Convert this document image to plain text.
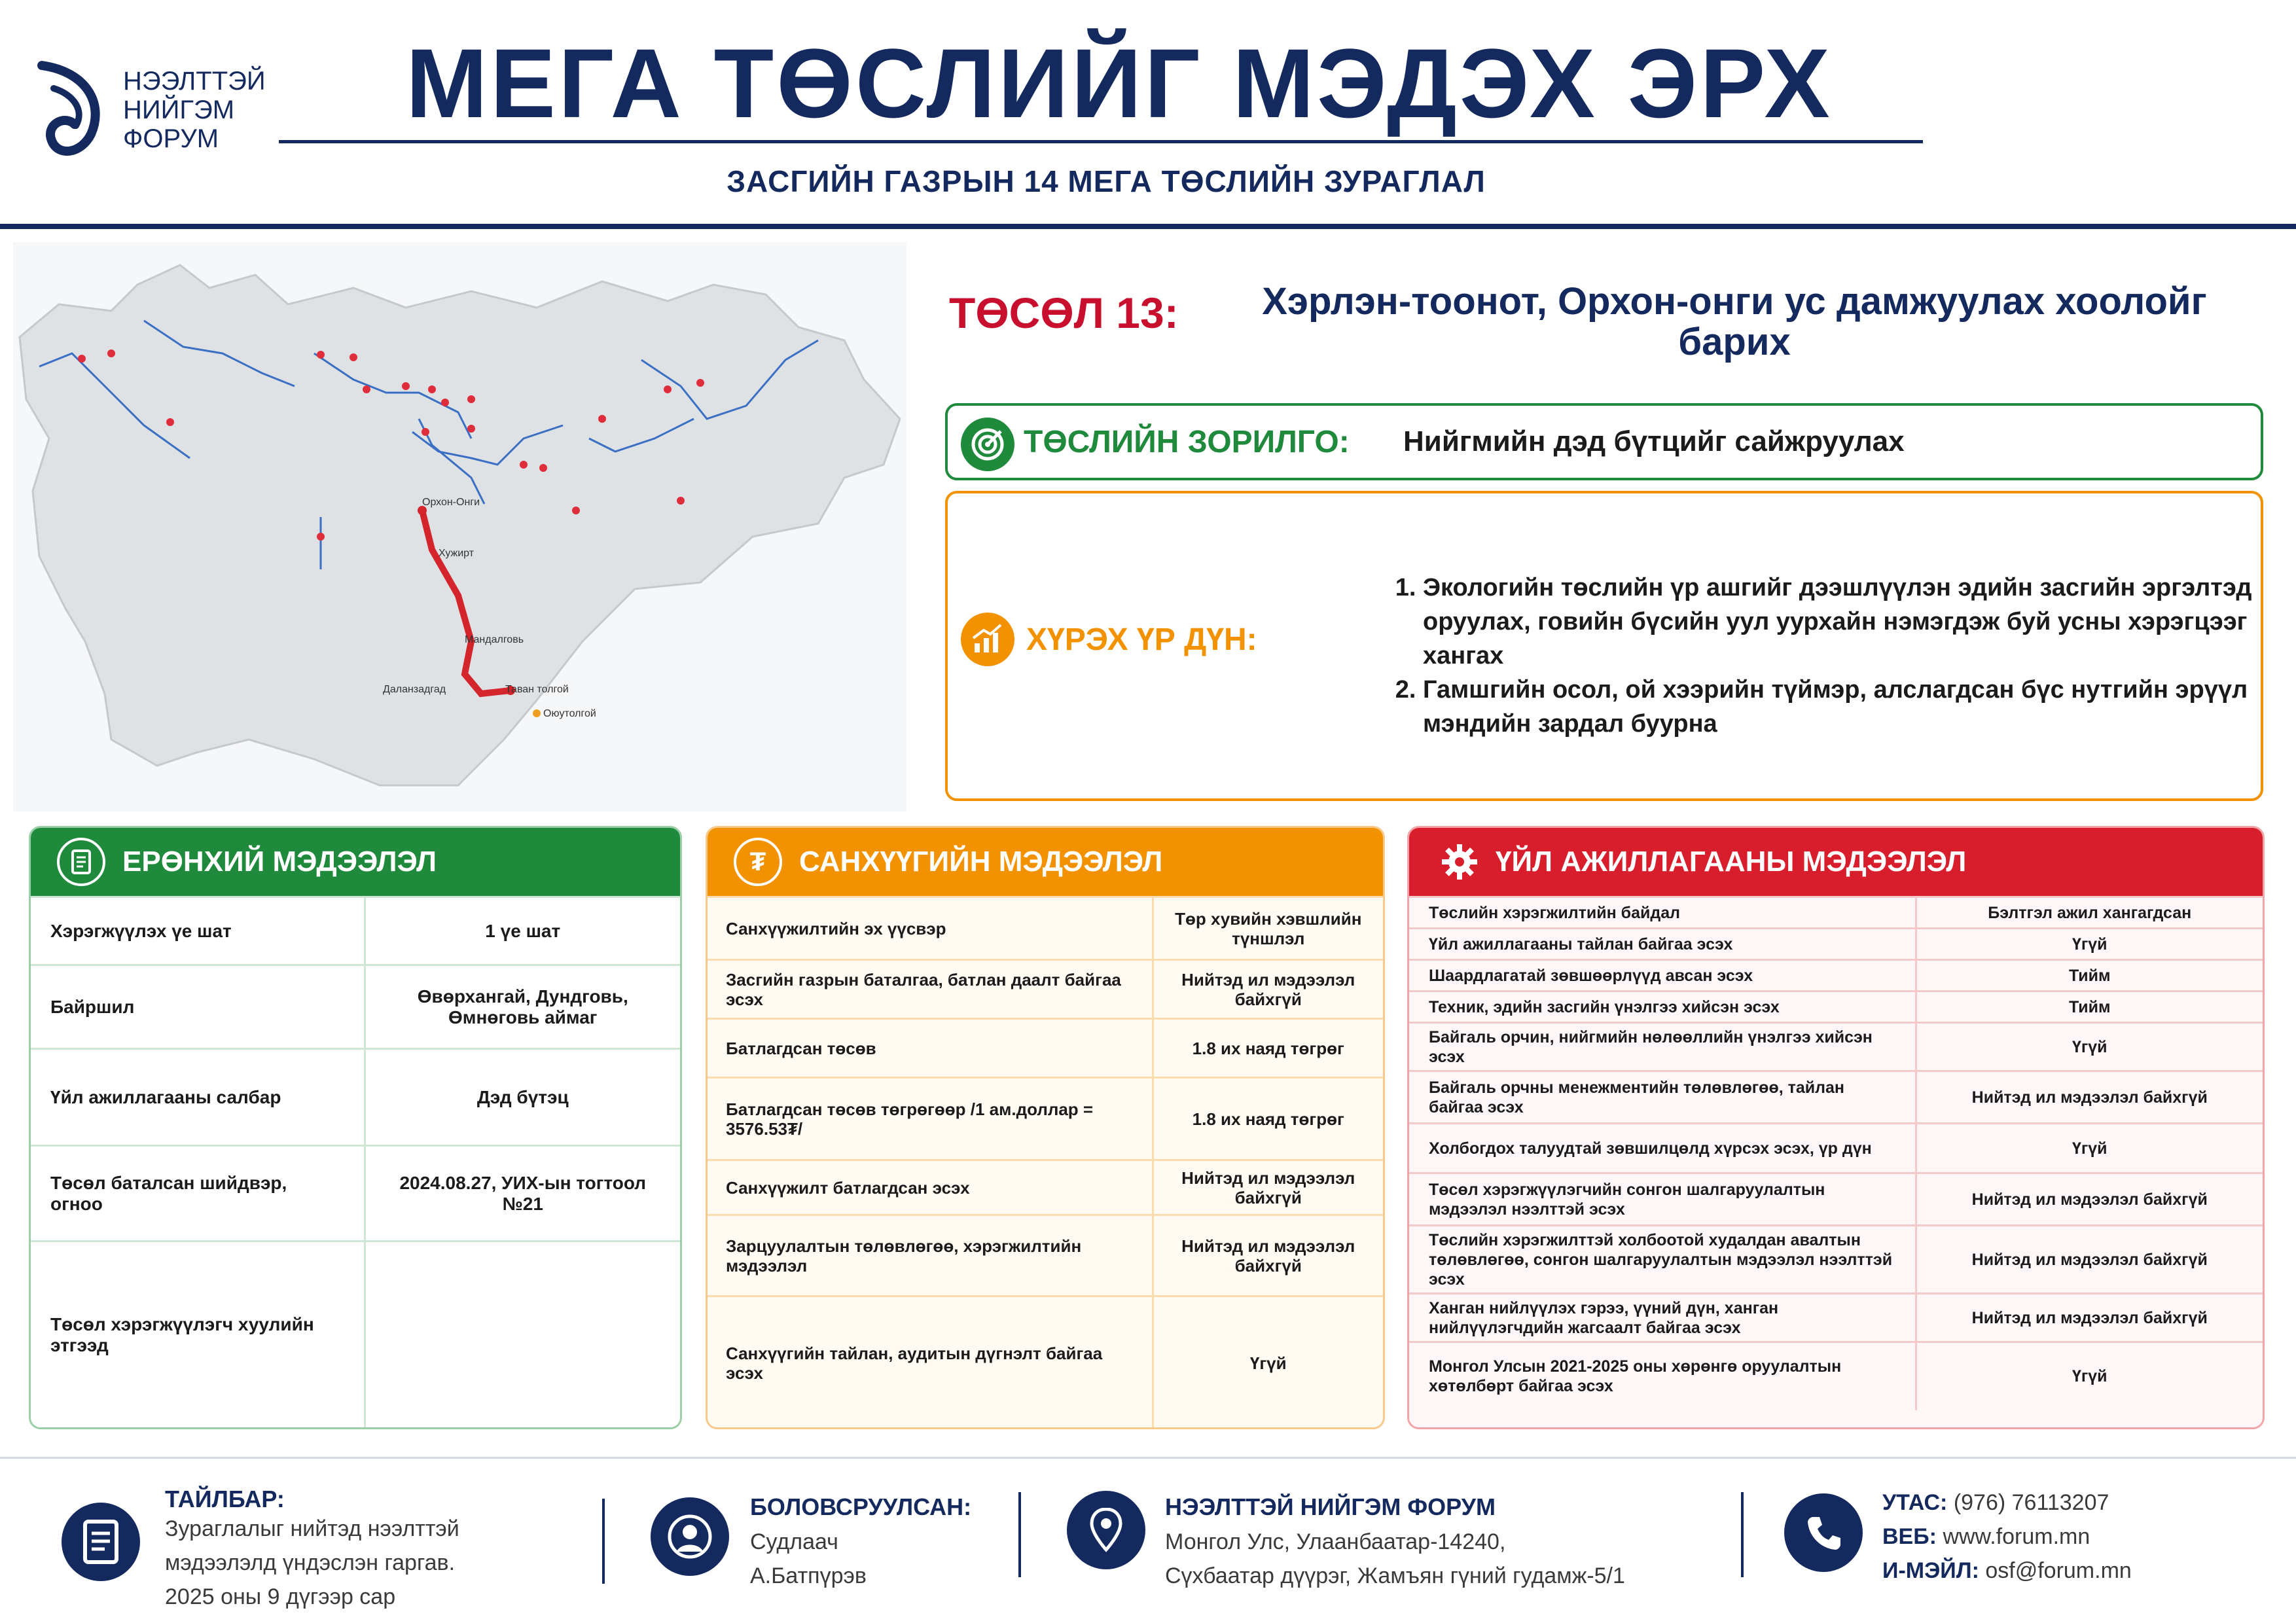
НЭЭЛТТЭЙ
НИЙГЭМ
ФОРУМ
МЕГА ТӨСЛИЙГ МЭДЭХ ЭРХ
ЗАСГИЙН ГАЗРЫН 14 МЕГА ТӨСЛИЙН ЗУРАГЛАЛ
Орхон-Онги
Хужирт
Мандалговь
Даланзадгад	Таван толгой
Оюутолгой
ТӨСӨЛ 13:	Хэрлэн-тоонот, Орхон-онги ус дамжуулах хоолойг барих
ТӨСЛИЙН ЗОРИЛГО: Нийгмийн дэд бүтцийг сайжруулах
ХҮРЭХ ҮР ДҮН:
1. Экологийн төслийн үр ашгийг дээшлүүлэн эдийн засгийн эргэлтэд оруулах, говийн бүсийн уул уурхайн нэмэгдэж буй усны хэрэгцээг хангах
2. Гамшгийн осол, ой хээрийн түймэр, алслагдсан бүс нутгийн эрүүл мэндийн зардал буурна
ЕРӨНХИЙ МЭДЭЭЛЭЛ
Хэрэгжүүлэх үе шат	1 үе шат
Байршил	Өвөрхангай, Дундговь, Өмнөговь аймаг
Үйл ажиллагааны салбар	Дэд бүтэц
Төсөл баталсан шийдвэр, огноо	2024.08.27, УИХ-ын тогтоол №21
Төсөл хэрэгжүүлэгч хуулийн этгээд	
₮	САНХҮҮГИЙН МЭДЭЭЛЭЛ
Санхүүжилтийн эх үүсвэр	Төр хувийн хэвшлийн түншлэл
Засгийн газрын баталгаа, батлан даалт байгаа эсэх	Нийтэд ил мэдээлэл байхгүй
Батлагдсан төсөв	1.8 их наяд төгрөг
Батлагдсан төсөв төгрөгөөр /1 ам.доллар = 3576.53₮/	1.8 их наяд төгрөг
Санхүүжилт батлагдсан эсэх	Нийтэд ил мэдээлэл байхгүй
Зарцуулалтын төлөвлөгөө, хэрэгжилтийн мэдээлэл	Нийтэд ил мэдээлэл байхгүй
Санхүүгийн тайлан, аудитын дүгнэлт байгаа эсэх	Үгүй
ҮЙЛ АЖИЛЛАГААНЫ МЭДЭЭЛЭЛ
Төслийн хэрэгжилтийн байдал	Бэлтгэл ажил хангагдсан
Үйл ажиллагааны тайлан байгаа эсэх	Үгүй
Шаардлагатай зөвшөөрлүүд авсан эсэх	Тийм
Техник, эдийн засгийн үнэлгээ хийсэн эсэх	Тийм
Байгаль орчин, нийгмийн нөлөөллийн үнэлгээ хийсэн эсэх	Үгүй
Байгаль орчны менежментийн төлөвлөгөө, тайлан байгаа эсэх	Нийтэд ил мэдээлэл байхгүй
Холбогдох талуудтай зөвшилцөлд хүрсэх эсэх, үр дүн	Үгүй
Төсөл хэрэгжүүлэгчийн сонгон шалгаруулалтын мэдээлэл нээлттэй эсэх	Нийтэд ил мэдээлэл байхгүй
Төслийн хэрэгжилттэй холбоотой худалдан авалтын төлөвлөгөө, сонгон шалгаруулалтын мэдээлэл нээлттэй эсэх	Нийтэд ил мэдээлэл байхгүй
Ханган нийлүүлэх гэрээ, үүний дүн, ханган нийлүүлэгчдийн жагсаалт байгаа эсэх	Нийтэд ил мэдээлэл байхгүй
Монгол Улсын 2021-2025 оны хөрөнгө оруулалтын хөтөлбөрт байгаа эсэх	Үгүй
ТАЙЛБАР:
Зураглалыг нийтэд нээлттэй
мэдээлэлд үндэслэн гаргав.
2025 оны 9 дүгээр сар
БОЛОВСРУУЛСАН:
Судлаач
А.Батпүрэв
НЭЭЛТТЭЙ НИЙГЭМ ФОРУМ
Монгол Улс, Улаанбаатар-14240,
Сүхбаатар дүүрэг, Жамъян гүний гудамж-5/1
УТАС: (976) 76113207
ВЕБ: www.forum.mn
И-МЭЙЛ: osf@forum.mn
